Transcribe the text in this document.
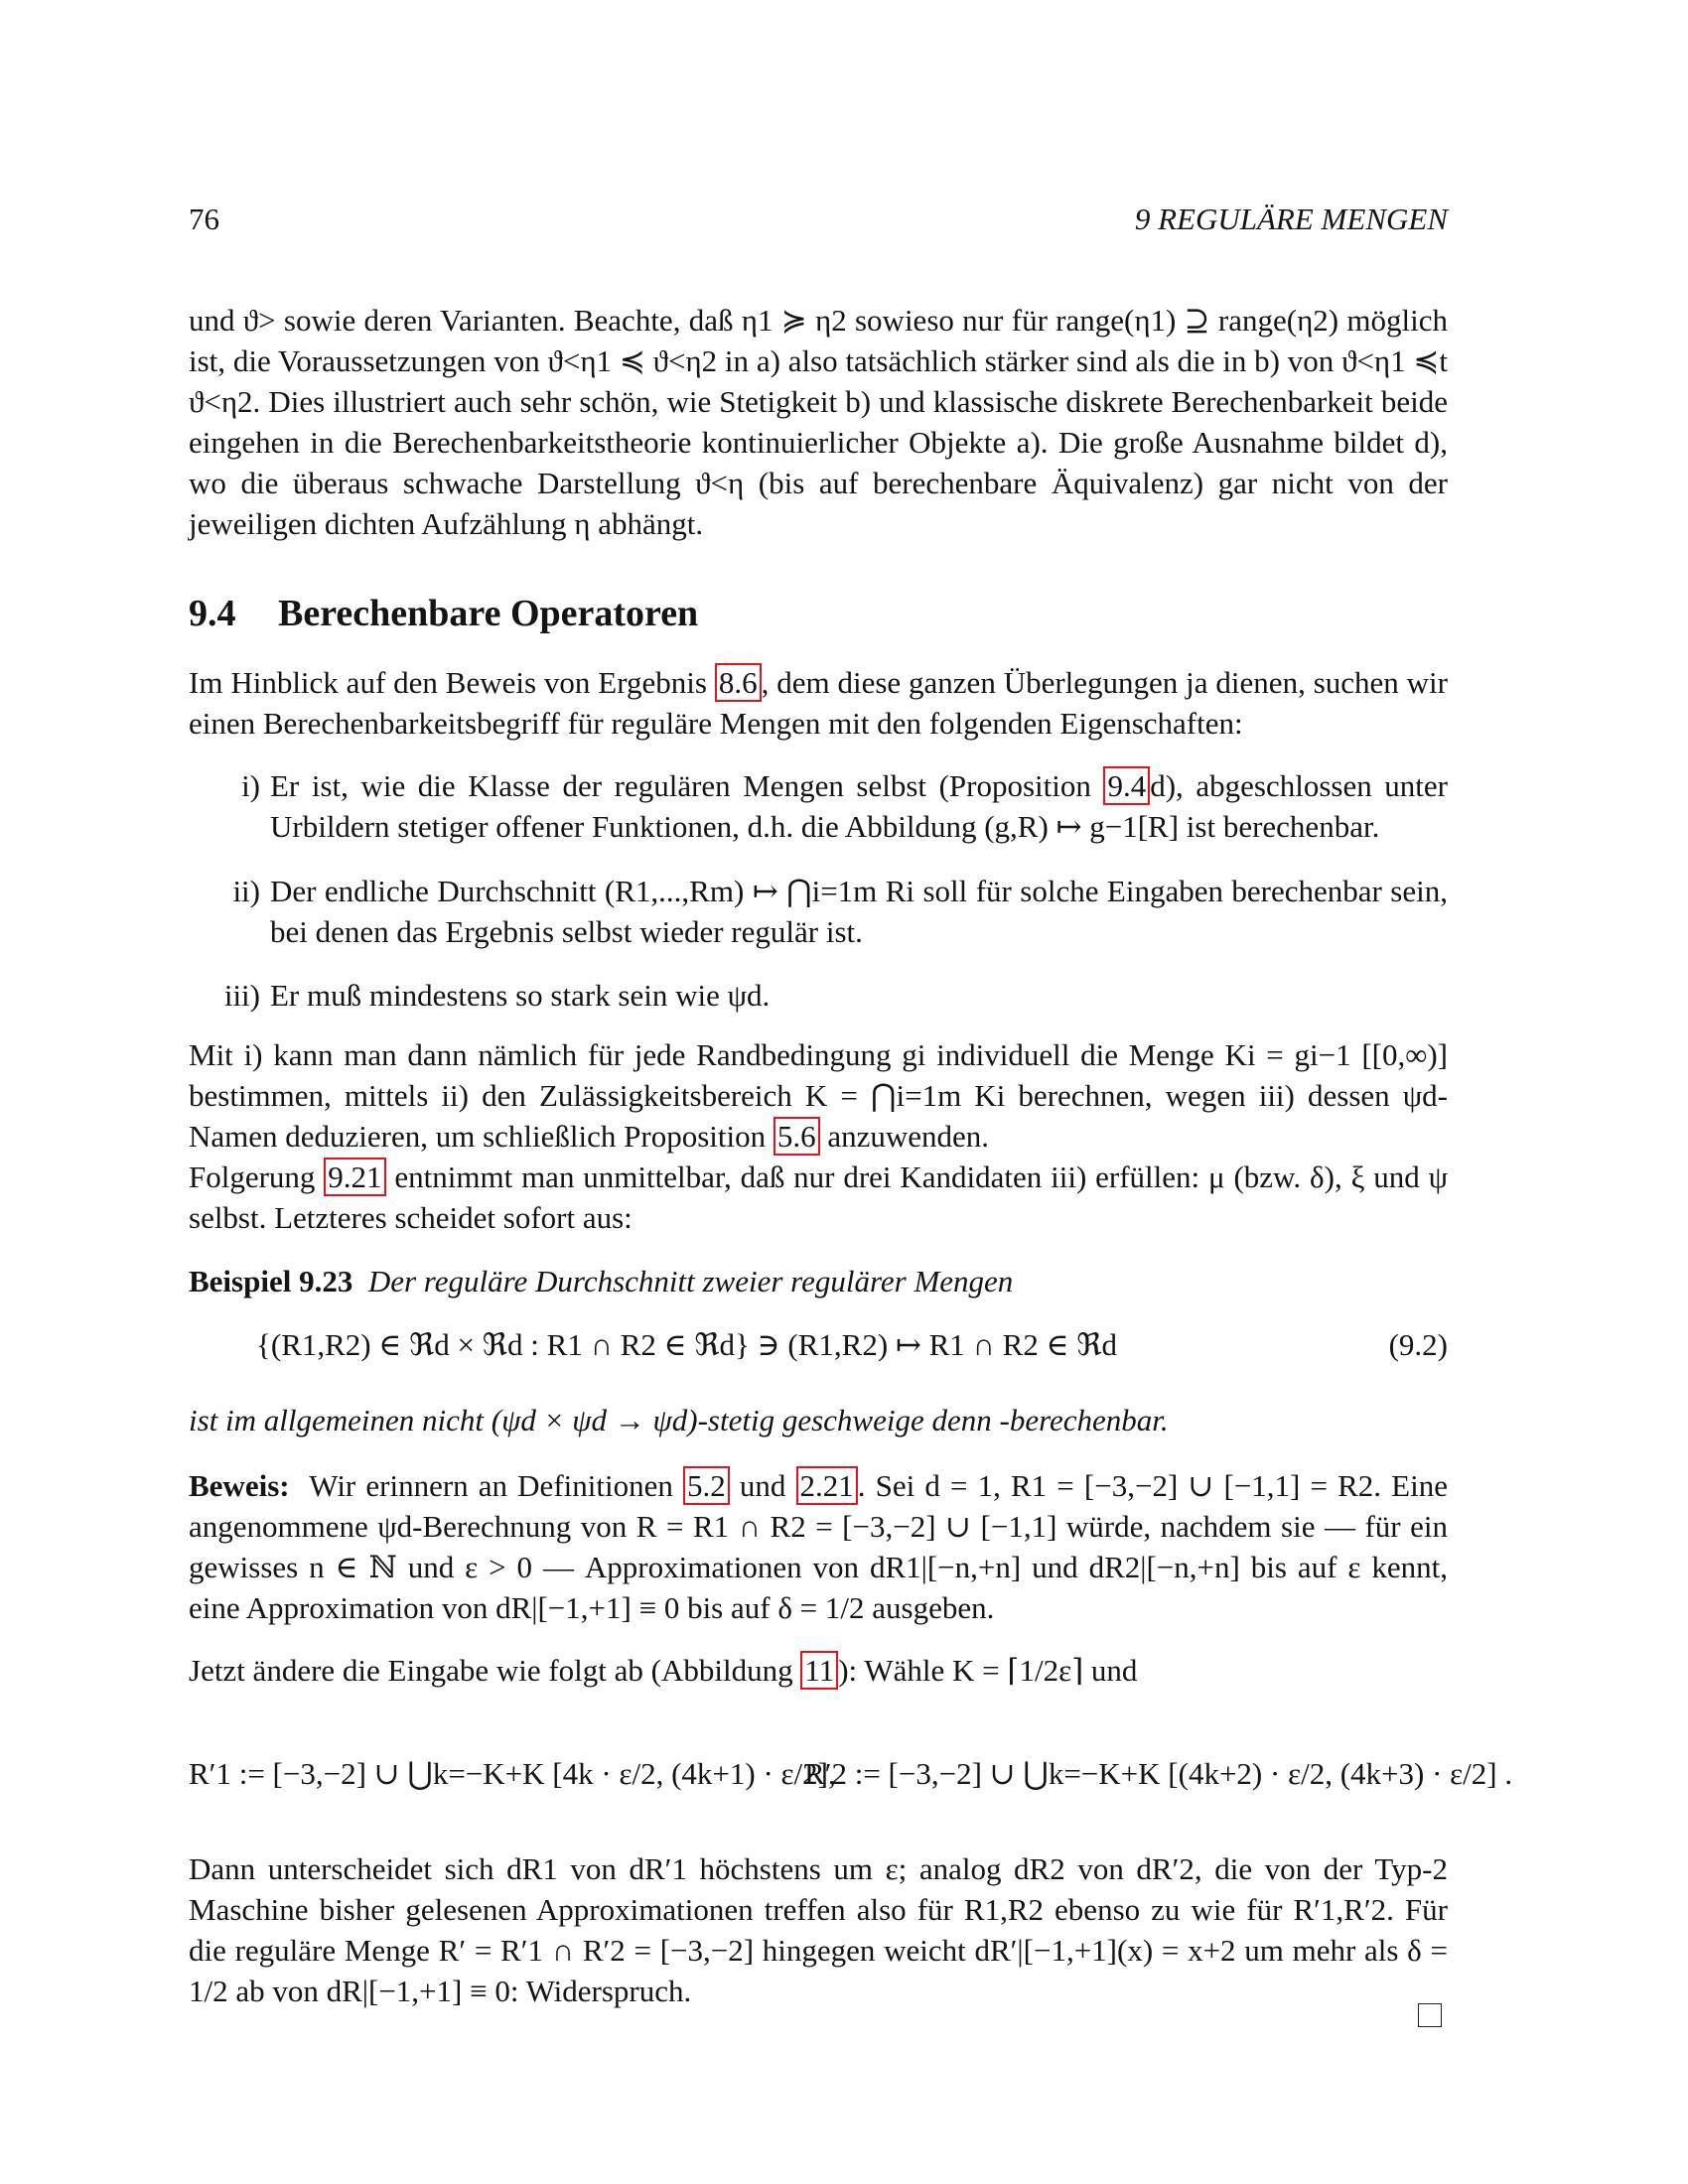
76	9 REGULÄRE MENGEN

und ϑ> sowie deren Varianten. Beachte, daß η1 ≽ η2 sowieso nur für range(η1) ⊇ range(η2) möglich ist, die Voraussetzungen von ϑ<η1 ≼ ϑ<η2 in a) also tatsächlich stärker sind als die in b) von ϑ<η1 ≼t ϑ<η2. Dies illustriert auch sehr schön, wie Stetigkeit b) und klassische diskrete Berechenbarkeit beide eingehen in die Berechenbarkeitstheorie kontinuierlicher Objekte a). Die große Ausnahme bildet d), wo die überaus schwache Darstellung ϑ<η (bis auf berechenbare Äquivalenz) gar nicht von der jeweiligen dichten Aufzählung η abhängt.

9.4 Berechenbare Operatoren

Im Hinblick auf den Beweis von Ergebnis 8.6 , dem diese ganzen Überlegungen ja dienen, suchen wir einen Berechenbarkeitsbegriff für reguläre Mengen mit den folgenden Eigenschaften:

i) Er ist, wie die Klasse der regulären Mengen selbst (Proposition 9.4 d), abgeschlossen unter Urbildern stetiger offener Funktionen, d.h. die Abbildung (g,R) ↦ g−1[R] ist berechenbar.
ii) Der endliche Durchschnitt (R1,...,Rm) ↦ ⋂i=1m Ri soll für solche Eingaben berechenbar sein, bei denen das Ergebnis selbst wieder regulär ist.
iii) Er muß mindestens so stark sein wie ψd.

Mit i) kann man dann nämlich für jede Randbedingung gi individuell die Menge Ki = gi−1 [[0,∞)] bestimmen, mittels ii) den Zulässigkeitsbereich K = ⋂i=1m Ki berechnen, wegen iii) dessen ψd-Namen deduzieren, um schließlich Proposition 5.6 anzuwenden.

Folgerung 9.21 entnimmt man unmittelbar, daß nur drei Kandidaten iii) erfüllen: μ (bzw. δ), ξ und ψ selbst. Letzteres scheidet sofort aus:

Beispiel 9.23 Der reguläre Durchschnitt zweier regulärer Mengen
{(R1,R2) ∈ ℜd × ℜd : R1 ∩ R2 ∈ ℜd} ∋ (R1,R2) ↦ R1 ∩ R2 ∈ ℜd	(9.2)
ist im allgemeinen nicht (ψd × ψd → ψd)-stetig geschweige denn -berechenbar.

Beweis: Wir erinnern an Definitionen 5.2 und 2.21 . Sei d = 1, R1 = [−3,−2] ∪ [−1,1] = R2. Eine angenommene ψd-Berechnung von R = R1 ∩ R2 = [−3,−2] ∪ [−1,1] würde, nachdem sie — für ein gewisses n ∈ ℕ und ε > 0 — Approximationen von dR1|[−n,+n] und dR2|[−n,+n] bis auf ε kennt, eine Approximation von dR|[−1,+1] ≡ 0 bis auf δ = 1/2 ausgeben.

Jetzt ändere die Eingabe wie folgt ab (Abbildung 11 ): Wähle K = ⌈1/2ε⌉ und

R′1 := [−3,−2] ∪ ⋃k=−K+K [4k · ε/2, (4k+1) · ε/2],
R′2 := [−3,−2] ∪ ⋃k=−K+K [(4k+2) · ε/2, (4k+3) · ε/2] .

Dann unterscheidet sich dR1 von dR′1 höchstens um ε; analog dR2 von dR′2, die von der Typ-2 Maschine bisher gelesenen Approximationen treffen also für R1,R2 ebenso zu wie für R′1,R′2. Für die reguläre Menge R′ = R′1 ∩ R′2 = [−3,−2] hingegen weicht dR′|[−1,+1](x) = x+2 um mehr als δ = 1/2 ab von dR|[−1,+1] ≡ 0: Widerspruch.
